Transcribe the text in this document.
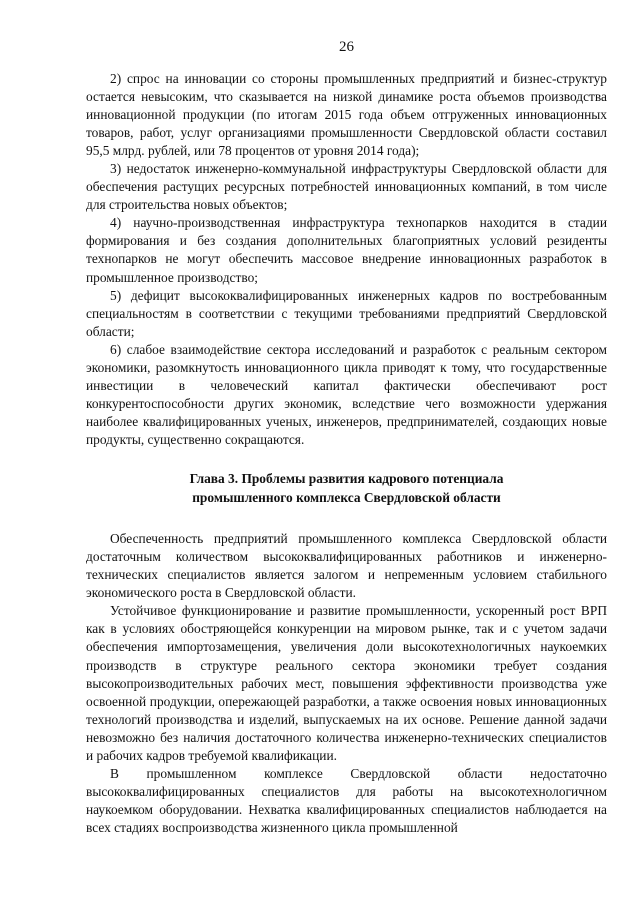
26

2) спрос на инновации со стороны промышленных предприятий и бизнес-структур остается невысоким, что сказывается на низкой динамике роста объемов производства инновационной продукции (по итогам 2015 года объем отгруженных инновационных товаров, работ, услуг организациями промышленности Свердловской области составил 95,5 млрд. рублей, или 78 процентов от уровня 2014 года);

3) недостаток инженерно-коммунальной инфраструктуры Свердловской области для обеспечения растущих ресурсных потребностей инновационных компаний, в том числе для строительства новых объектов;

4) научно-производственная инфраструктура технопарков находится в стадии формирования и без создания дополнительных благоприятных условий резиденты технопарков не могут обеспечить массовое внедрение инновационных разработок в промышленное производство;

5) дефицит высококвалифицированных инженерных кадров по востребованным специальностям в соответствии с текущими требованиями предприятий Свердловской области;

6) слабое взаимодействие сектора исследований и разработок с реальным сектором экономики, разомкнутость инновационного цикла приводят к тому, что государственные инвестиции в человеческий капитал фактически обеспечивают рост конкурентоспособности других экономик, вследствие чего возможности удержания наиболее квалифицированных ученых, инженеров, предпринимателей, создающих новые продукты, существенно сокращаются.

Глава 3. Проблемы развития кадрового потенциала

промышленного комплекса Свердловской области

Обеспеченность предприятий промышленного комплекса Свердловской области достаточным количеством высококвалифицированных работников и инженерно-технических специалистов является залогом и непременным условием стабильного экономического роста в Свердловской области.

Устойчивое функционирование и развитие промышленности, ускоренный рост ВРП как в условиях обостряющейся конкуренции на мировом рынке, так и с учетом задачи обеспечения импортозамещения, увеличения доли высокотехнологичных наукоемких производств в структуре реального сектора экономики требует создания высокопроизводительных рабочих мест, повышения эффективности производства уже освоенной продукции, опережающей разработки, а также освоения новых инновационных технологий производства и изделий, выпускаемых на их основе. Решение данной задачи невозможно без наличия достаточного количества инженерно-технических специалистов и рабочих кадров требуемой квалификации.

В промышленном комплексе Свердловской области недостаточно высококвалифицированных специалистов для работы на высокотехнологичном наукоемком оборудовании. Нехватка квалифицированных специалистов наблюдается на всех стадиях воспроизводства жизненного цикла промышленной
